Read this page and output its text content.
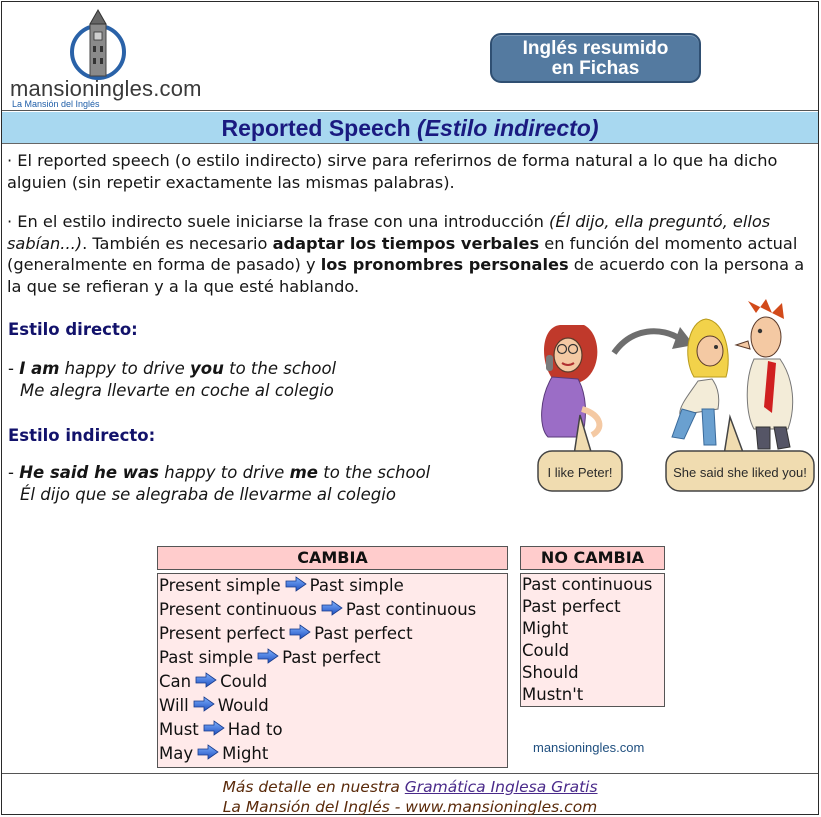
mansioningles.com
La Mansión del Inglés
Inglés resumido
en Fichas
Reported Speech (Estilo indirecto)
· El reported speech (o estilo indirecto) sirve para referirnos de forma natural a lo que ha dicho alguien (sin repetir exactamente las mismas palabras).
· En el estilo indirecto suele iniciarse la frase con una introducción (Él dijo, ella preguntó, ellos sabían...). También es necesario adaptar los tiempos verbales en función del momento actual (generalmente en forma de pasado) y los pronombres personales de acuerdo con la persona a la que se refieran y a la que esté hablando.
Estilo directo:
- I am happy to drive you to the school
Me alegra llevarte en coche al colegio
Estilo indirecto:
- He said he was happy to drive me to the school
Él dijo que se alegraba de llevarme al colegio
I like Peter!	She said she liked you!
CAMBIA
Present simple Past simple
Present continuous Past continuous
Present perfect Past perfect
Past simple Past perfect
Can Could
Will Would
Must Had to
May Might
NO CAMBIA
Past continuous
Past perfect
Might
Could
Should
Mustn't
mansioningles.com
Más detalle en nuestra Gramática Inglesa Gratis
La Mansión del Inglés - www.mansioningles.com
